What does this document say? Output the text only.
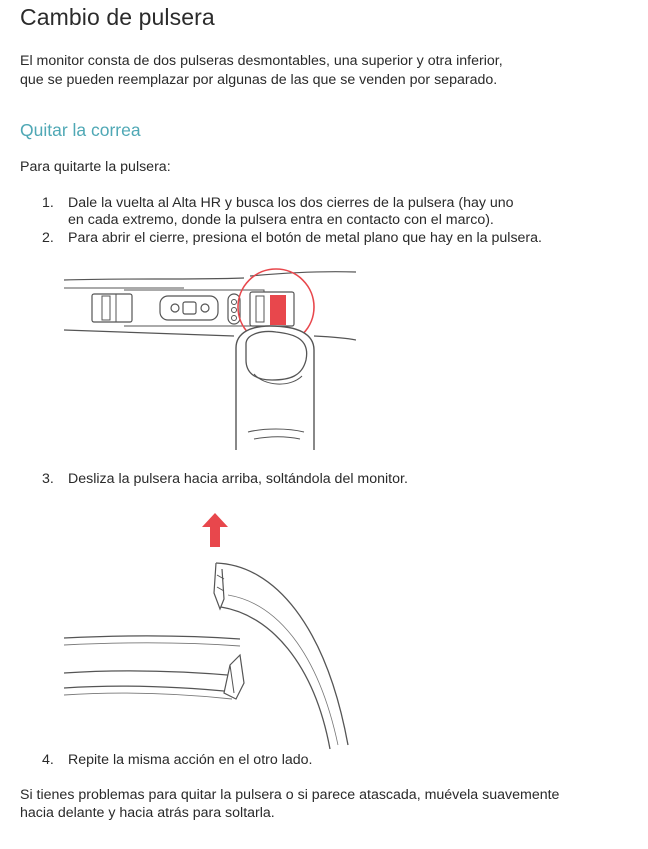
Cambio de pulsera

El monitor consta de dos pulseras desmontables, una superior y otra inferior,
que se pueden reemplazar por algunas de las que se venden por separado.

Quitar la correa

Para quitarte la pulsera:

1. Dale la vuelta al Alta HR y busca los dos cierres de la pulsera (hay uno
en cada extremo, donde la pulsera entra en contacto con el marco).
2. Para abrir el cierre, presiona el botón de metal plano que hay en la pulsera.
3. Desliza la pulsera hacia arriba, soltándola del monitor.
4. Repite la misma acción en el otro lado.

Si tienes problemas para quitar la pulsera o si parece atascada, muévela suavemente
hacia delante y hacia atrás para soltarla.
